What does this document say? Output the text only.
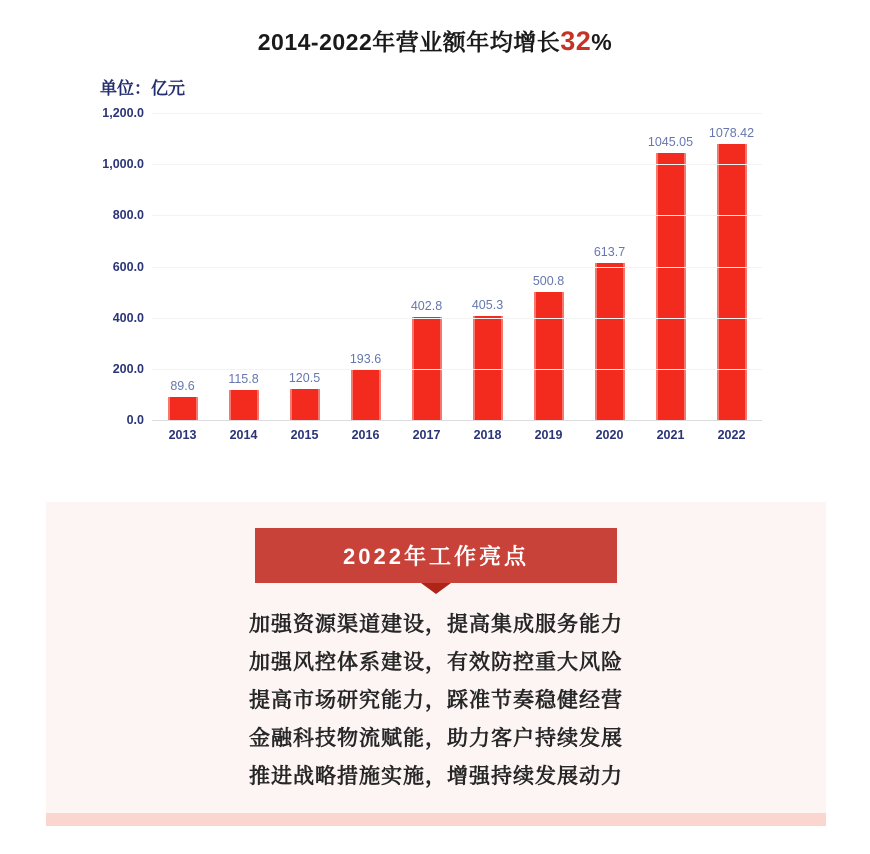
2014-2022年营业额年均增长32%
单位：亿元
89.6	115.8 120.5
193.6
402.8 405.3
500.8
613.7
1045.05
1078.42
0.0
200.0
400.0
600.0
800.0
1,000.0
1,200.0
2013	2014	2015	2016	2017	2018	2019	2020	2021	2022
2022年工作亮点
加强资源渠道建设，提高集成服务能力
加强风控体系建设，有效防控重大风险
提高市场研究能力，踩准节奏稳健经营
金融科技物流赋能，助力客户持续发展
推进战略措施实施，增强持续发展动力
